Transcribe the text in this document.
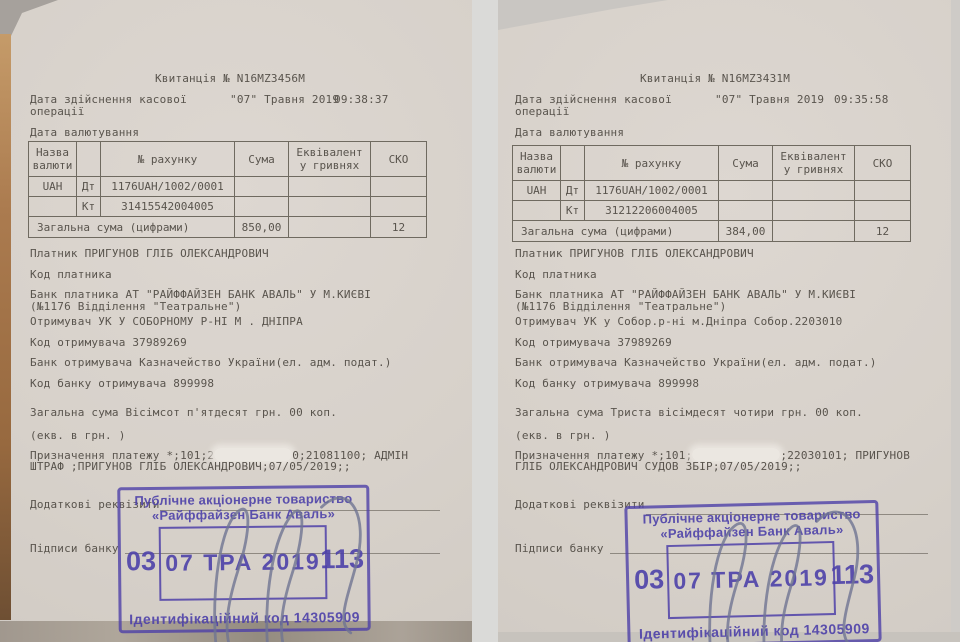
Квитанція № N16MZ3456M
Дата здійснення касової
операції
"07" Травня 2019
09:38:37
Дата валютування
Назва
валюти		№ рахунку	Сума	Еквівалент
у гривнях	СКО
UAH	Дт	1176UAH/1002/0001			
	Кт	31415542004005			
Загальна сума (цифрами)			850,00		12
Платник ПРИГУНОВ ГЛІБ ОЛЕКСАНДРОВИЧ
Код платника
Банк платника АТ "РАЙФФАЙЗЕН БАНК АВАЛЬ" У М.КИЄВІ
(№1176 Відділення "Театральне")
Отримувач УК У СОБОРНОМУ Р-НІ М . ДНІПРА
Код отримувача 37989269
Банк отримувача Казначейство України(ел. адм. подат.)
Код банку отримувача 899998
Загальна сума Вісімсот п'ятдесят грн. 00 коп.
(екв. в грн. )
Призначення платежу *;101;2	0;21081100; АДМІН
ШТРАФ ;ПРИГУНОВ ГЛІБ ОЛЕКСАНДРОВИЧ;07/05/2019;;
Додаткові реквізити
Підписи банку
Публічне акціонерне товариство
«Райффайзен Банк Аваль»
03 07 ТРА 2019 113
Ідентифікаційний код 14305909
Квитанція № N16MZ3431M
Дата здійснення касової
операції
"07" Травня 2019 09:35:58
Дата валютування
Назва
валюти		№ рахунку	Сума	Еквівалент
у гривнях	СКО
UAH	Дт	1176UAH/1002/0001			
	Кт	31212206004005			
Загальна сума (цифрами)			384,00		12
Платник ПРИГУНОВ ГЛІБ ОЛЕКСАНДРОВИЧ
Код платника
Банк платника АТ "РАЙФФАЙЗЕН БАНК АВАЛЬ" У М.КИЄВІ
(№1176 Відділення "Театральне")
Отримувач УК у Собор.р-ні м.Дніпра Собор.2203010
Код отримувача 37989269
Банк отримувача Казначейство України(ел. адм. подат.)
Код банку отримувача 899998
Загальна сума Триста вісімдесят чотири грн. 00 коп.
(екв. в грн. )
Призначення платежу *;101;	;22030101; ПРИГУНОВ
ГЛІБ ОЛЕКСАНДРОВИЧ СУДОВ ЗБІР;07/05/2019;;
Додаткові реквізити
Підписи банку
Публічне акціонерне товариство
«Райффайзен Банк Аваль»
03 07 ТРА 2019 113
Ідентифікаційний код 14305909
